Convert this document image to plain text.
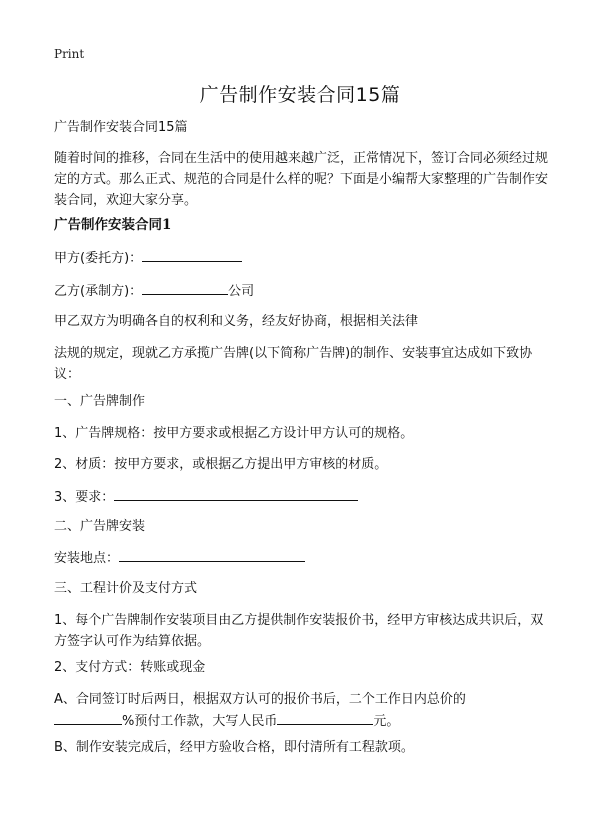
Print
广告制作安装合同15篇

广告制作安装合同15篇

随着时间的推移，合同在生活中的使用越来越广泛，正常情况下，签订合同必须经过规定的方式。那么正式、规范的合同是什么样的呢？下面是小编帮大家整理的广告制作安装合同，欢迎大家分享。

广告制作安装合同1

甲方(委托方)：

乙方(承制方)：	公司

甲乙双方为明确各自的权利和义务，经友好协商，根据相关法律

法规的规定，现就乙方承揽广告牌(以下简称广告牌)的制作、安装事宜达成如下致协议：

一、广告牌制作

1、广告牌规格：按甲方要求或根据乙方设计甲方认可的规格。

2、材质：按甲方要求，或根据乙方提出甲方审核的材质。

3、要求：

二、广告牌安装

安装地点：

三、工程计价及支付方式

1、每个广告牌制作安装项目由乙方提供制作安装报价书，经甲方审核达成共识后，双方签字认可作为结算依据。

2、支付方式：转账或现金

A、合同签订时后两日，根据双方认可的报价书后，二个工作日内总价的
%预付工作款，大写人民币	元。

B、制作安装完成后，经甲方验收合格，即付清所有工程款项。
